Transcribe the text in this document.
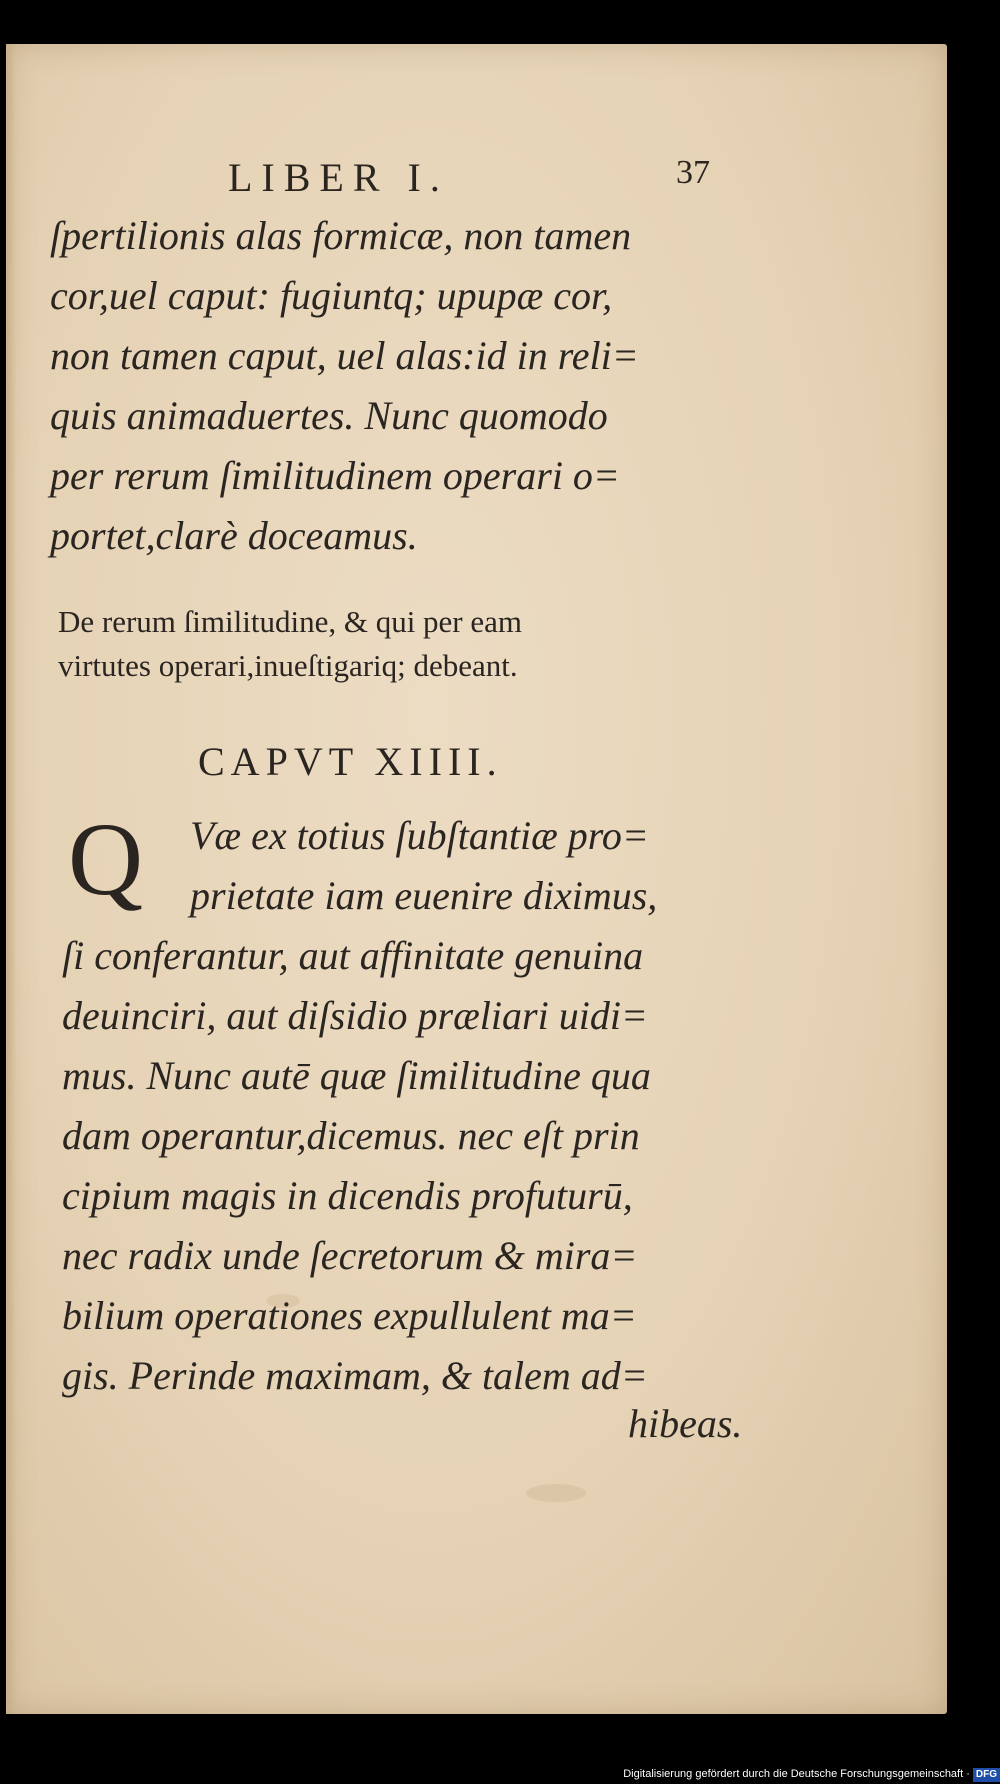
LIBER I.	37
ſpertilionis alas formicæ, non tamen
cor,uel caput: fugiuntq; upupæ cor,
non tamen caput, uel alas:id in reli=
quis animaduertes. Nunc quomodo
per rerum ſimilitudinem operari o=
portet,clarè doceamus.
De rerum ſimilitudine, & qui per eam
virtutes operari,inueſtigariq; debeant.
CAPVT XIIII.
Q	Væ ex totius ſubſtantiæ pro=
prietate iam euenire diximus,
ſi conferantur, aut affinitate genuina
deuinciri, aut diſsidio præliari uidi=
mus. Nunc autē quæ ſimilitudine qua
dam operantur,dicemus. nec eſt prin
cipium magis in dicendis profuturū,
nec radix unde ſecretorum & mira=
bilium operationes expullulent ma=
gis. Perinde maximam, & talem ad=
hibeas.
Digitalisierung gefördert durch die Deutsche Forschungsgemeinschaft · DFG
